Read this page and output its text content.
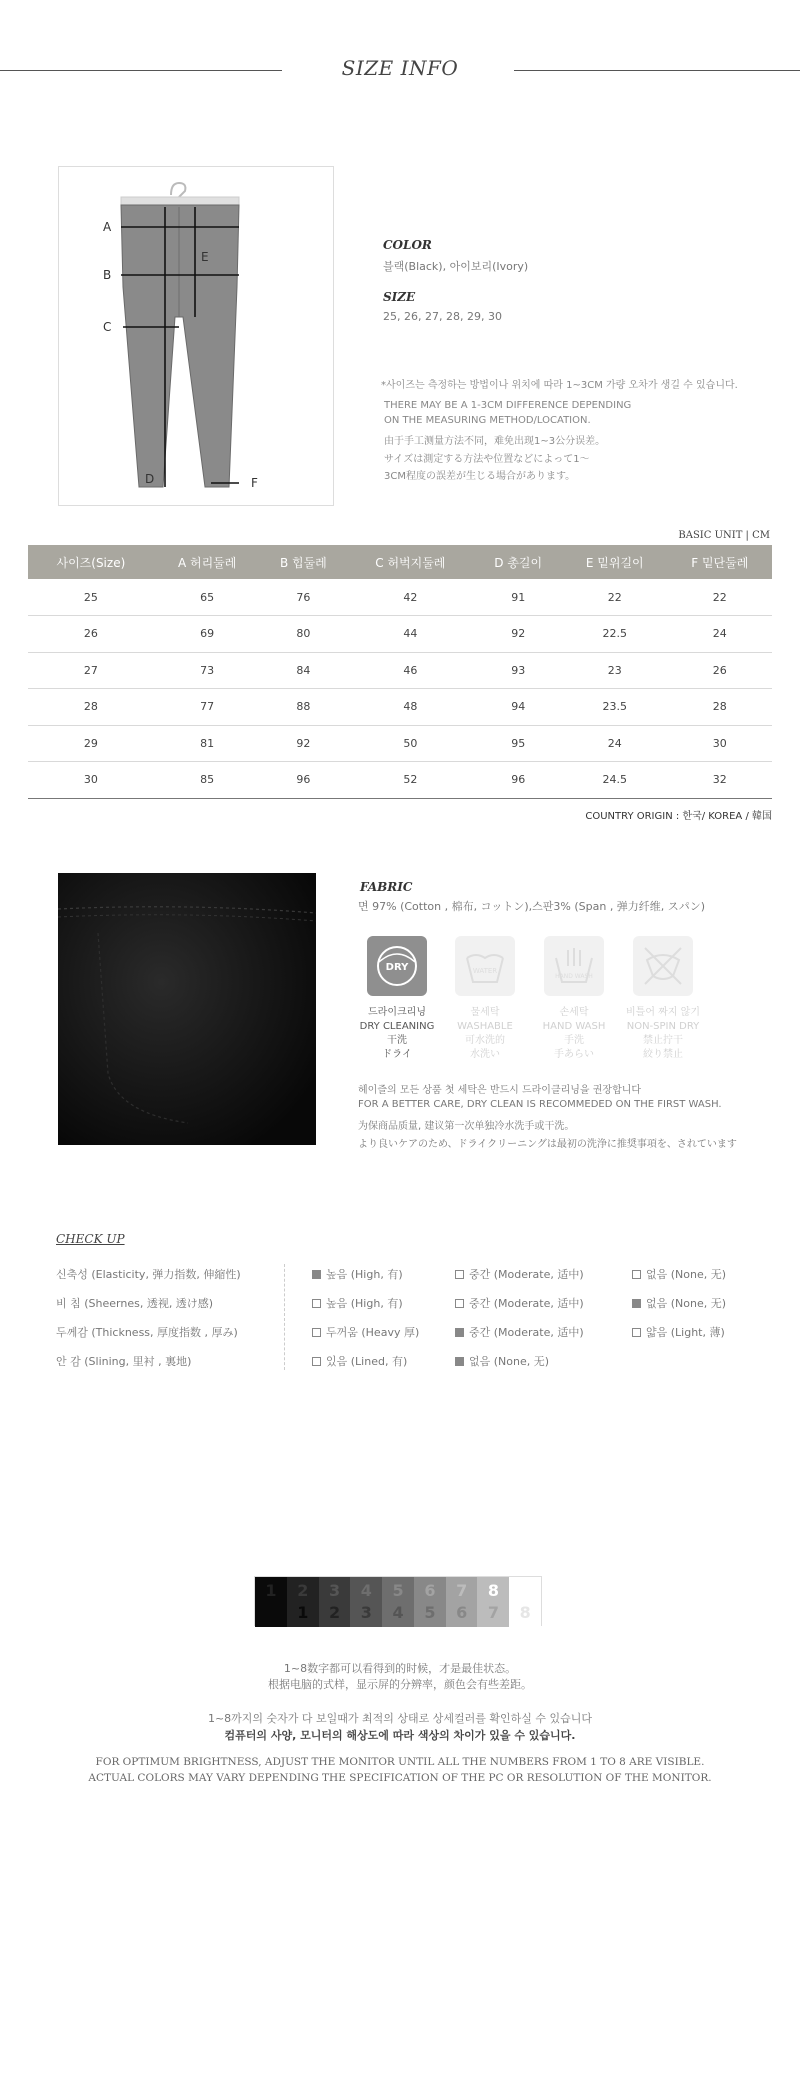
SIZE INFO
A
B
C
D
E
F
COLOR
블랙(Black), 아이보리(Ivory)
SIZE
25, 26, 27, 28, 29, 30
*사이즈는 측정하는 방법이나 위치에 따라 1~3CM 가량 오차가 생길 수 있습니다.
THERE MAY BE A 1-3CM DIFFERENCE DEPENDING
ON THE MEASURING METHOD/LOCATION.
由于手工测量方法不同，难免出现1~3公分误差。
サイズは測定する方法や位置などによって1〜
3CM程度の誤差が生じる場合があります。
BASIC UNIT | CM
사이즈(Size)	A 허리둘레	B 힙둘레	C 허벅지둘레	D 총길이	E 밑위길이	F 밑단둘레
25	65	76	42	91	22	22
26	69	80	44	92	22.5	24
27	73	84	46	93	23	26
28	77	88	48	94	23.5	28
29	81	92	50	95	24	30
30	85	96	52	96	24.5	32
COUNTRY ORIGIN : 한국/ KOREA / 韓国
FABRIC
면 97% (Cotton , 棉布, コットン),스판3% (Span , 弹力纤维, スパン)
DRY	WATER
HAND WASH
드라이크리닝
DRY CLEANING
干洗
ドライ
물세탁
WASHABLE
可水洗的
水洗い
손세탁
HAND WASH
手洗
手あらい
비틀어 짜지 않기
NON-SPIN DRY
禁止拧干
絞り禁止
헤이즐의 모든 상품 첫 세탁은 반드시 드라이클리닝을 권장합니다
FOR A BETTER CARE, DRY CLEAN IS RECOMMEDED ON THE FIRST WASH.
为保商品质量, 建议第一次单独冷水洗手或干洗。
より良いケアのため、ドライクリーニングは最初の洗浄に推奨事項を、されています
CHECK UP
신축성 (Elasticity, 弹力指数, 伸縮性)	높음 (High, 有)	중간 (Moderate, 适中)	없음 (None, 无)
비 침 (Sheernes, 透视, 透け感)	높음 (High, 有)	중간 (Moderate, 适中)	없음 (None, 无)
두께감 (Thickness, 厚度指数 , 厚み)	두꺼움 (Heavy 厚)	중간 (Moderate, 适中)	얇음 (Light, 薄)
안 감 (Slining, 里衬 , 裏地)	있음 (Lined, 有)	없음 (None, 无)
1	2
1
3
2
4
3
5
4
6
5
7
6
8
7	8
1~8数字都可以看得到的时候，才是最佳状态。
根据电脑的式样，显示屏的分辨率，颜色会有些差距。
1~8까지의 숫자가 다 보일때가 최적의 상태로 상세컬러를 확인하실 수 있습니다
컴퓨터의 사양, 모니터의 해상도에 따라 색상의 차이가 있을 수 있습니다.
FOR OPTIMUM BRIGHTNESS, ADJUST THE MONITOR UNTIL ALL THE NUMBERS FROM 1 TO 8 ARE VISIBLE.
ACTUAL COLORS MAY VARY DEPENDING THE SPECIFICATION OF THE PC OR RESOLUTION OF THE MONITOR.
